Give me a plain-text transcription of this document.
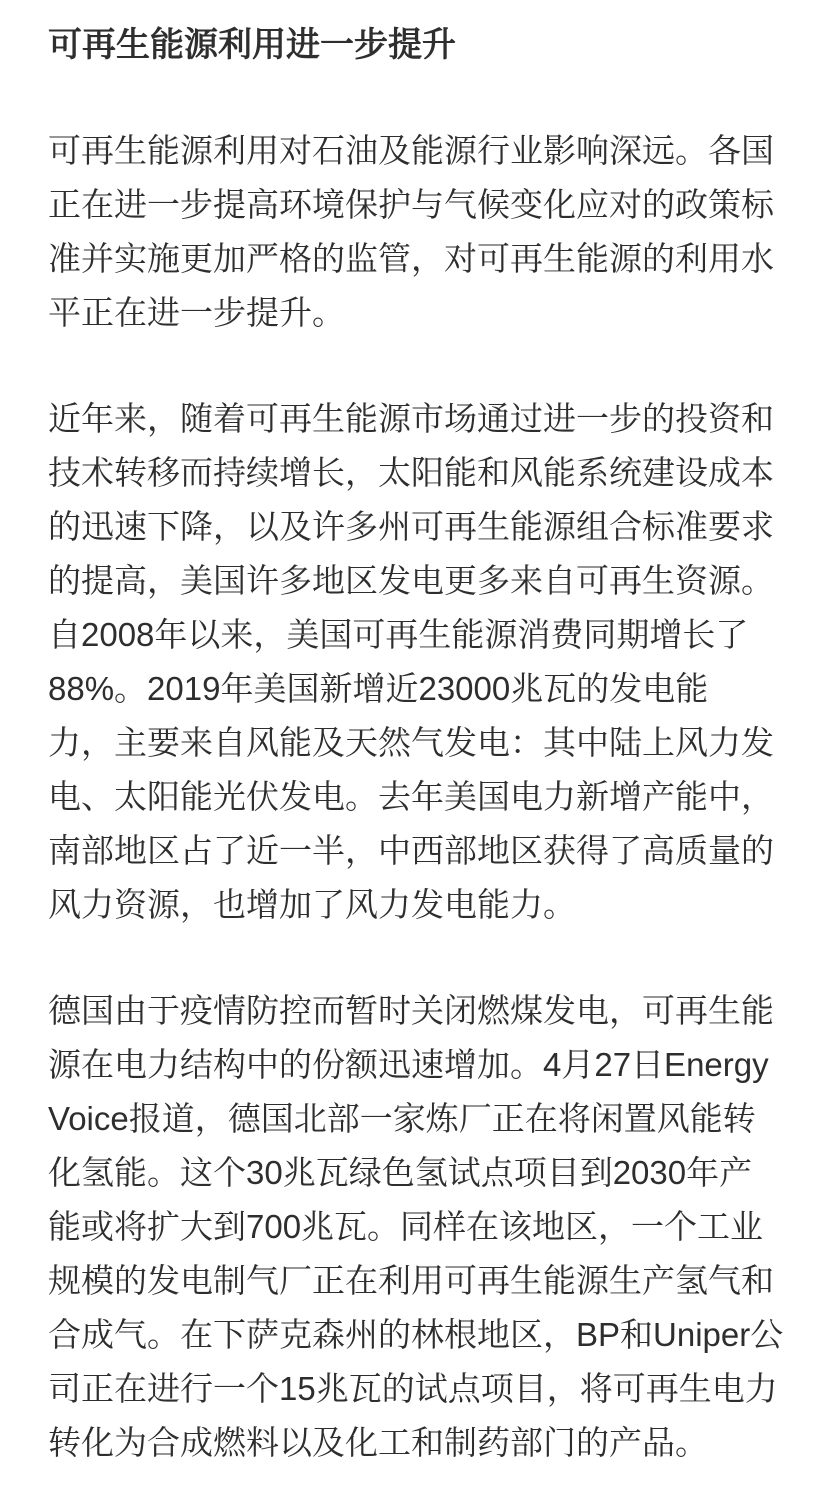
可再生能源利用进一步提升

可再生能源利用对石油及能源行业影响深远。各国
正在进一步提高环境保护与气候变化应对的政策标
准并实施更加严格的监管，对可再生能源的利用水
平正在进一步提升。

近年来，随着可再生能源市场通过进一步的投资和
技术转移而持续增长，太阳能和风能系统建设成本
的迅速下降，以及许多州可再生能源组合标准要求
的提高，美国许多地区发电更多来自可再生资源。
自2008年以来，美国可再生能源消费同期增长了
88%。2019年美国新增近23000兆瓦的发电能
力，主要来自风能及天然气发电：其中陆上风力发
电、太阳能光伏发电。去年美国电力新增产能中，
南部地区占了近一半，中西部地区获得了高质量的
风力资源，也增加了风力发电能力。

德国由于疫情防控而暂时关闭燃煤发电，可再生能
源在电力结构中的份额迅速增加。4月27日Energy
Voice报道，德国北部一家炼厂正在将闲置风能转
化氢能。这个30兆瓦绿色氢试点项目到2030年产
能或将扩大到700兆瓦。同样在该地区，一个工业
规模的发电制气厂正在利用可再生能源生产氢气和
合成气。在下萨克森州的林根地区，BP和Uniper公
司正在进行一个15兆瓦的试点项目，将可再生电力
转化为合成燃料以及化工和制药部门的产品。
